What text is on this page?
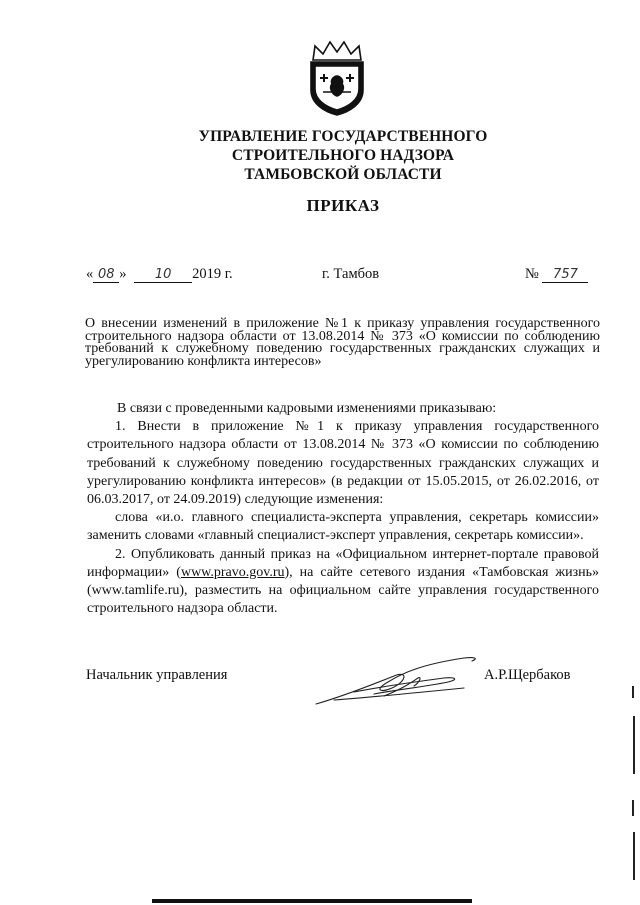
УПРАВЛЕНИЕ ГОСУДАРСТВЕННОГО
СТРОИТЕЛЬНОГО НАДЗОРА
ТАМБОВСКОЙ ОБЛАСТИ
ПРИКАЗ
« 08 » 10 2019 г.	г. Тамбов	№ 757
О внесении изменений в приложение №1 к приказу управления государственного строительного надзора области от 13.08.2014 № 373 «О комиссии по соблюдению требований к служебному поведению государственных гражданских служащих и урегулированию конфликта интересов»

В связи с проведенными кадровыми изменениями приказываю:

1. Внести в приложение №1 к приказу управления государственного строительного надзора области от 13.08.2014 № 373 «О комиссии по соблюдению требований к служебному поведению государственных гражданских служащих и урегулированию конфликта интересов» (в редакции от 15.05.2015, от 26.02.2016, от 06.03.2017, от 24.09.2019) следующие изменения:

слова «и.о. главного специалиста-эксперта управления, секретарь комиссии» заменить словами «главный специалист-эксперт управления, секретарь комиссии».

2. Опубликовать данный приказ на «Официальном интернет-портале правовой информации» (www.pravo.gov.ru), на сайте сетевого издания «Тамбовская жизнь» (www.tamlife.ru), разместить на официальном сайте управления государственного строительного надзора области.

Начальник управления	А.Р.Щербаков
